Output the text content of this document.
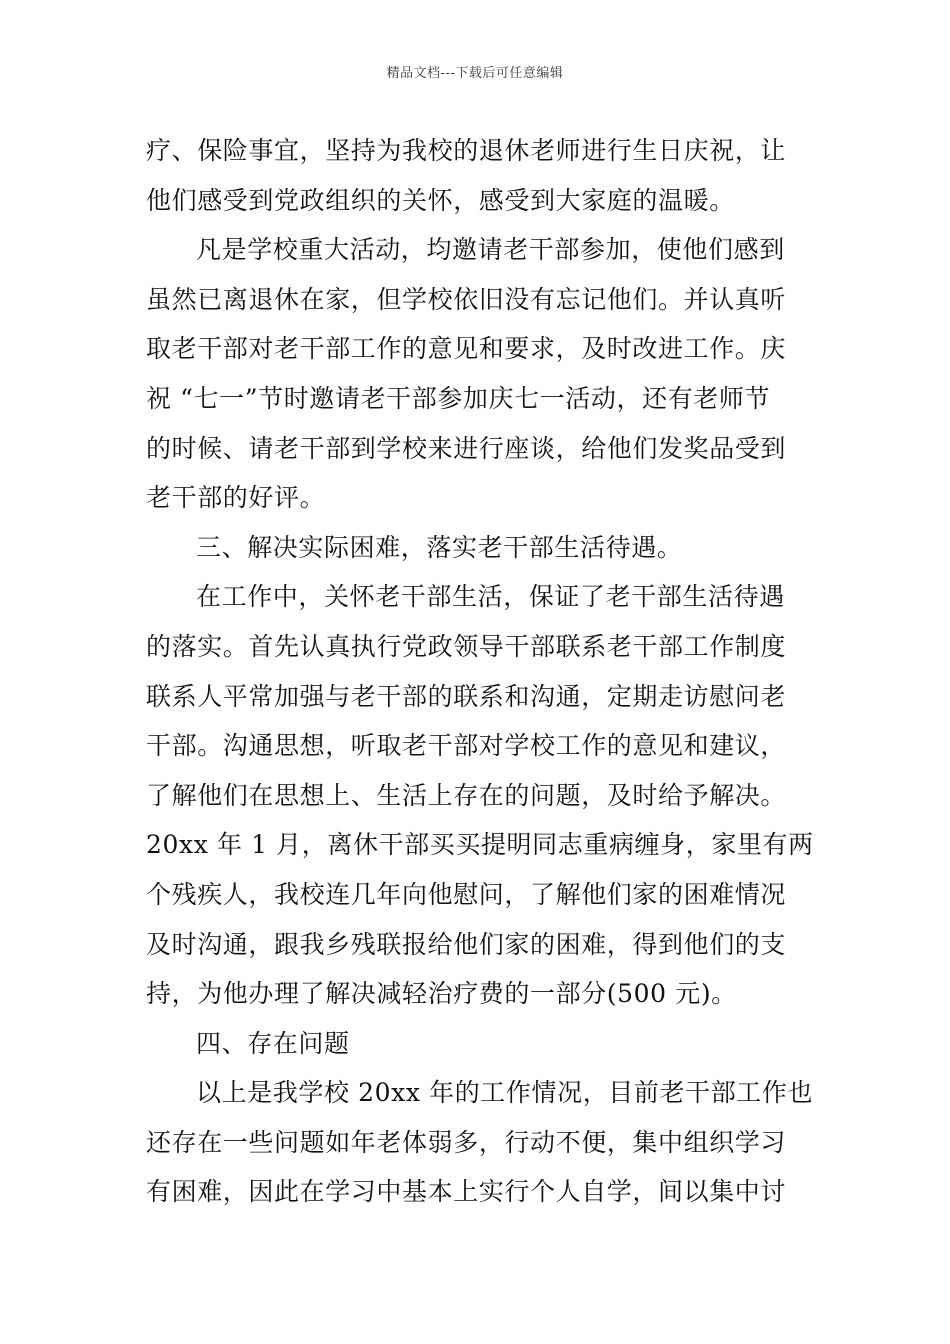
精品文档---下载后可任意编辑
疗、保险事宜，坚持为我校的退休老师进行生日庆祝，让
他们感受到党政组织的关怀，感受到大家庭的温暖。
凡是学校重大活动，均邀请老干部参加，使他们感到
虽然已离退休在家，但学校依旧没有忘记他们。并认真听
取老干部对老干部工作的意见和要求，及时改进工作。庆
祝 “七一”节时邀请老干部参加庆七一活动，还有老师节
的时候、请老干部到学校来进行座谈，给他们发奖品受到
老干部的好评。
三、解决实际困难，落实老干部生活待遇。
在工作中，关怀老干部生活，保证了老干部生活待遇
的落实。首先认真执行党政领导干部联系老干部工作制度
联系人平常加强与老干部的联系和沟通，定期走访慰问老
干部。沟通思想，听取老干部对学校工作的意见和建议，
了解他们在思想上、生活上存在的问题，及时给予解决。
20xx 年 1 月，离休干部买买提明同志重病缠身，家里有两
个残疾人，我校连几年向他慰问，了解他们家的困难情况
及时沟通，跟我乡残联报给他们家的困难，得到他们的支
持，为他办理了解决减轻治疗费的一部分(500 元)。
四、存在问题
以上是我学校 20xx 年的工作情况，目前老干部工作也
还存在一些问题如年老体弱多，行动不便，集中组织学习
有困难，因此在学习中基本上实行个人自学，间以集中讨
